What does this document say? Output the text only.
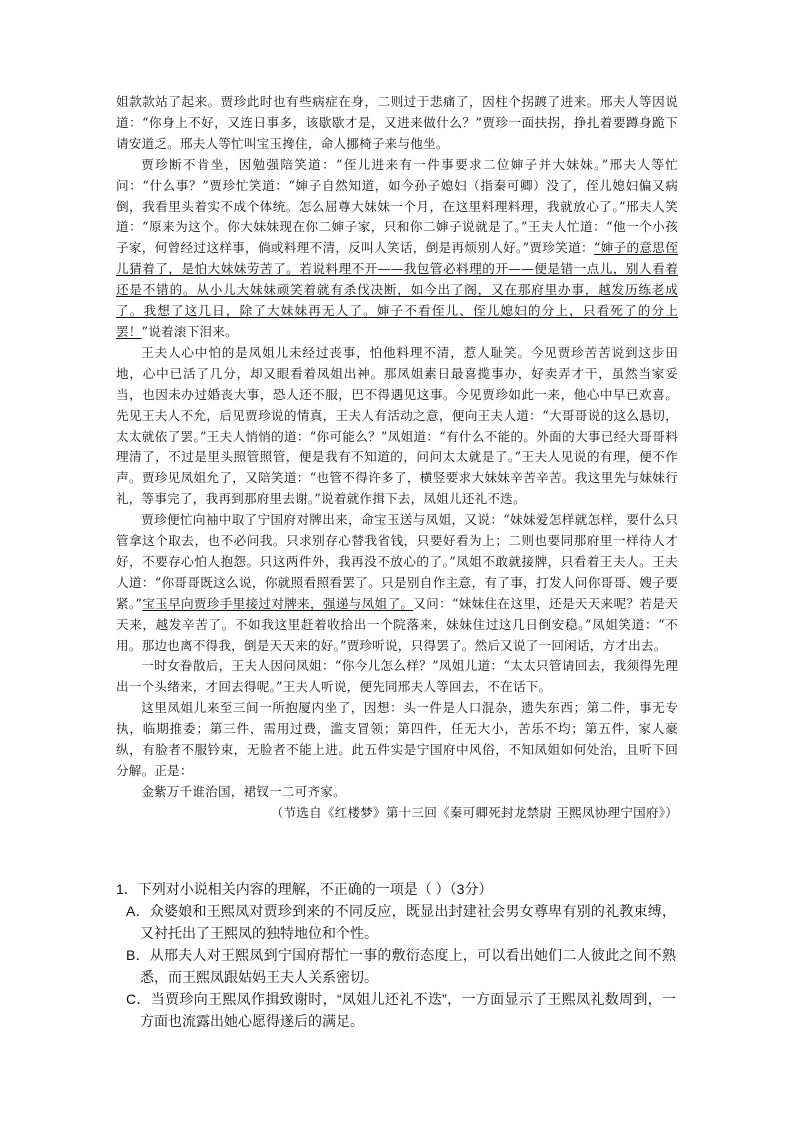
姐款款站了起来。贾珍此时也有些病症在身，二则过于悲痛了，因柱个拐踱了进来。邢夫人等因说道：“你身上不好，又连日事多，该歇歇才是，又进来做什么？”贾珍一面扶拐，挣扎着要蹲身跪下请安道乏。邢夫人等忙叫宝玉搀住，命人挪椅子来与他坐。

贾珍断不肯坐，因勉强陪笑道：“侄儿进来有一件事要求二位婶子并大妹妹。”邢夫人等忙问：“什么事？”贾珍忙笑道：“婶子自然知道，如今孙子媳妇（指秦可卿）没了，侄儿媳妇偏又病倒，我看里头着实不成个体统。怎么屈尊大妹妹一个月，在这里料理料理，我就放心了。”邢夫人笑道：“原来为这个。你大妹妹现在你二婶子家，只和你二婶子说就是了。”王夫人忙道：“他一个小孩子家，何曾经过这样事，倘或料理不清，反叫人笑话，倒是再烦别人好。”贾珍笑道：“婶子的意思侄儿猜着了，是怕大妹妹劳苦了。若说料理不开——我包管必料理的开——便是错一点儿，别人看着还是不错的。从小儿大妹妹顽笑着就有杀伐决断，如今出了阁，又在那府里办事，越发历练老成了。我想了这几日，除了大妹妹再无人了。婶子不看侄儿、侄儿媳妇的分上，只看死了的分上罢！”说着滚下泪来。

王夫人心中怕的是凤姐儿未经过丧事，怕他料理不清，惹人耻笑。今见贾珍苦苦说到这步田地，心中已活了几分，却又眼看着凤姐出神。那凤姐素日最喜揽事办，好卖弄才干，虽然当家妥当，也因未办过婚丧大事，恐人还不服，巴不得遇见这事。今见贾珍如此一来，他心中早已欢喜。先见王夫人不允，后见贾珍说的情真，王夫人有活动之意，便向王夫人道：“大哥哥说的这么恳切，太太就依了罢。”王夫人悄悄的道：“你可能么？”凤姐道：“有什么不能的。外面的大事已经大哥哥料理清了，不过是里头照管照管，便是我有不知道的，问问太太就是了。”王夫人见说的有理，便不作声。贾珍见凤姐允了，又陪笑道：“也管不得许多了，横竖要求大妹妹辛苦辛苦。我这里先与妹妹行礼，等事完了，我再到那府里去谢。”说着就作揖下去，凤姐儿还礼不迭。

贾珍便忙向袖中取了宁国府对牌出来，命宝玉送与凤姐，又说：“妹妹爱怎样就怎样，要什么只管拿这个取去，也不必问我。只求别存心替我省钱，只要好看为上；二则也要同那府里一样待人才好，不要存心怕人抱怨。只这两件外，我再没不放心的了。”凤姐不敢就接牌，只看着王夫人。王夫人道：“你哥哥既这么说，你就照看照看罢了。只是别自作主意，有了事，打发人问你哥哥、嫂子要紧。”宝玉早向贾珍手里接过对牌来，强递与凤姐了。又问：“妹妹住在这里，还是天天来呢？若是天天来，越发辛苦了。不如我这里赶着收拾出一个院落来，妹妹住过这几日倒安稳。”凤姐笑道：“不用。那边也离不得我，倒是天天来的好。”贾珍听说，只得罢了。然后又说了一回闲话，方才出去。

一时女眷散后，王夫人因问凤姐：“你今儿怎么样？”凤姐儿道：“太太只管请回去，我须得先理出一个头绪来，才回去得呢。”王夫人听说，便先同邢夫人等回去，不在话下。

这里凤姐儿来至三间一所抱厦内坐了，因想：头一件是人口混杂，遗失东西；第二件，事无专执，临期推委；第三件，需用过费，滥支冒领；第四件，任无大小，苦乐不均；第五件，家人豪纵，有脸者不服钤束，无脸者不能上进。此五件实是宁国府中风俗，不知凤姐如何处治，且听下回分解。正是：

金紫万千谁治国，裙钗一二可齐家。

（节选自《红楼梦》第十三回《秦可卿死封龙禁尉 王熙凤协理宁国府》）

1．下列对小说相关内容的理解，不正确的一项是（ ）（3分）

A．众婆娘和王熙凤对贾珍到来的不同反应，既显出封建社会男女尊卑有别的礼教束缚，又衬托出了王熙凤的独特地位和个性。

B．从邢夫人对王熙凤到宁国府帮忙一事的敷衍态度上，可以看出她们二人彼此之间不熟悉，而王熙凤跟姑妈王夫人关系密切。

C．当贾珍向王熙凤作揖致谢时，“凤姐儿还礼不迭”，一方面显示了王熙凤礼数周到，一方面也流露出她心愿得遂后的满足。
